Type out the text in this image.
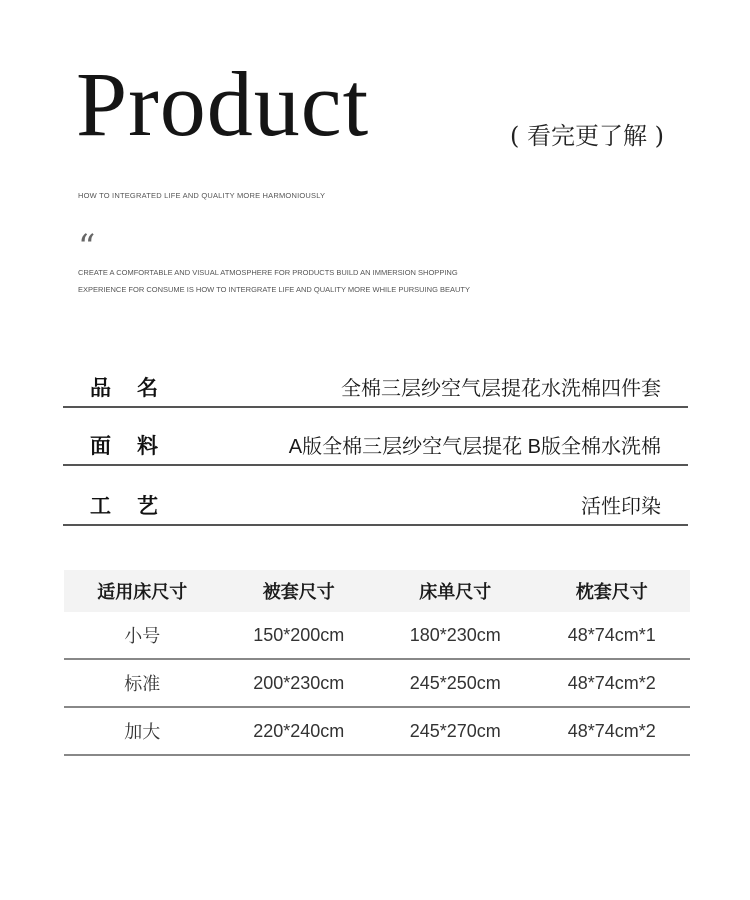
Product	( 看完更了解 )
HOW TO INTEGRATED LIFE AND QUALITY MORE HARMONIOUSLY
“
CREATE A COMFORTABLE AND VISUAL ATMOSPHERE FOR PRODUCTS BUILD AN IMMERSION SHOPPING EXPERIENCE FOR CONSUME IS HOW TO INTERGRATE LIFE AND QUALITY MORE WHILE PURSUING BEAUTY
品名	全棉三层纱空气层提花水洗棉四件套
面料	A版全棉三层纱空气层提花 B版全棉水洗棉
工艺	活性印染
适用床尺寸	被套尺寸	床单尺寸	枕套尺寸
小号	150*200cm	180*230cm	48*74cm*1
标准	200*230cm	245*250cm	48*74cm*2
加大	220*240cm	245*270cm	48*74cm*2
